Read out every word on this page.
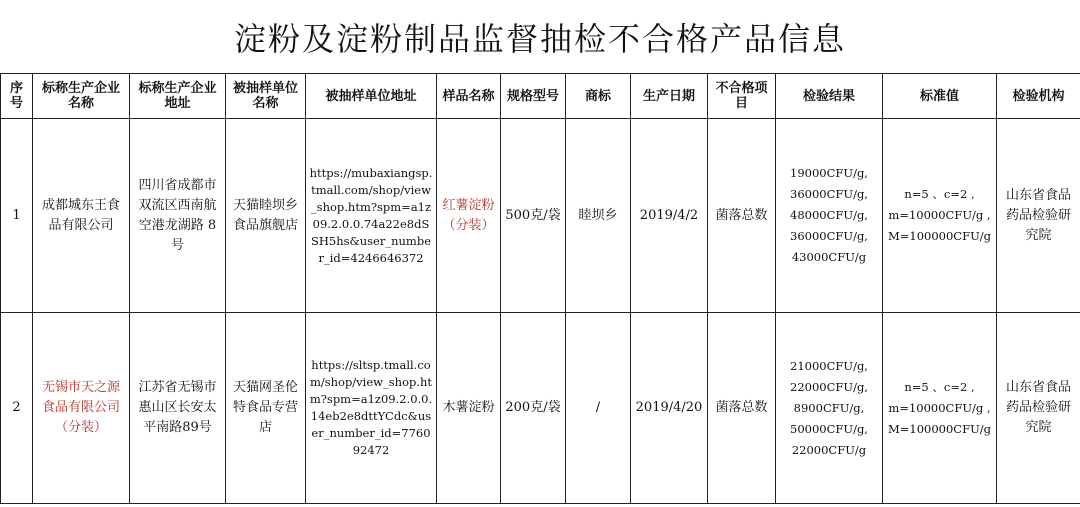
淀粉及淀粉制品监督抽检不合格产品信息
序号	标称生产企业名称	标称生产企业地址	被抽样单位名称	被抽样单位地址	样品名称	规格型号	商标	生产日期	不合格项目	检验结果	标准值	检验机构
1	成都城东王食品有限公司	四川省成都市双流区西南航空港龙湖路 8 号	天猫睦坝乡食品旗舰店	https://mubaxiangsp.tmall.com/shop/view_shop.htm?spm=a1z09.2.0.0.74a22e8dSSH5hs&user_number_id=4246646372	红薯淀粉（分装）	500克/袋	睦坝乡	2019/4/2	菌落总数	19000CFU/g,
36000CFU/g,
48000CFU/g,
36000CFU/g,
43000CFU/g	n=5 、c=2 ,
m=10000CFU/g ,
M=100000CFU/g	山东省食品药品检验研究院
2	无锡市天之源食品有限公司（分装）	江苏省无锡市惠山区长安太平南路89号	天猫网圣伦特食品专营店	https://sltsp.tmall.com/shop/view_shop.htm?spm=a1z09.2.0.0.14eb2e8dttYCdc&user_number_id=776092472	木薯淀粉	200克/袋	/	2019/4/20	菌落总数	21000CFU/g,
22000CFU/g,
8900CFU/g,
50000CFU/g,
22000CFU/g	n=5 、c=2 ,
m=10000CFU/g ,
M=100000CFU/g	山东省食品药品检验研究院
